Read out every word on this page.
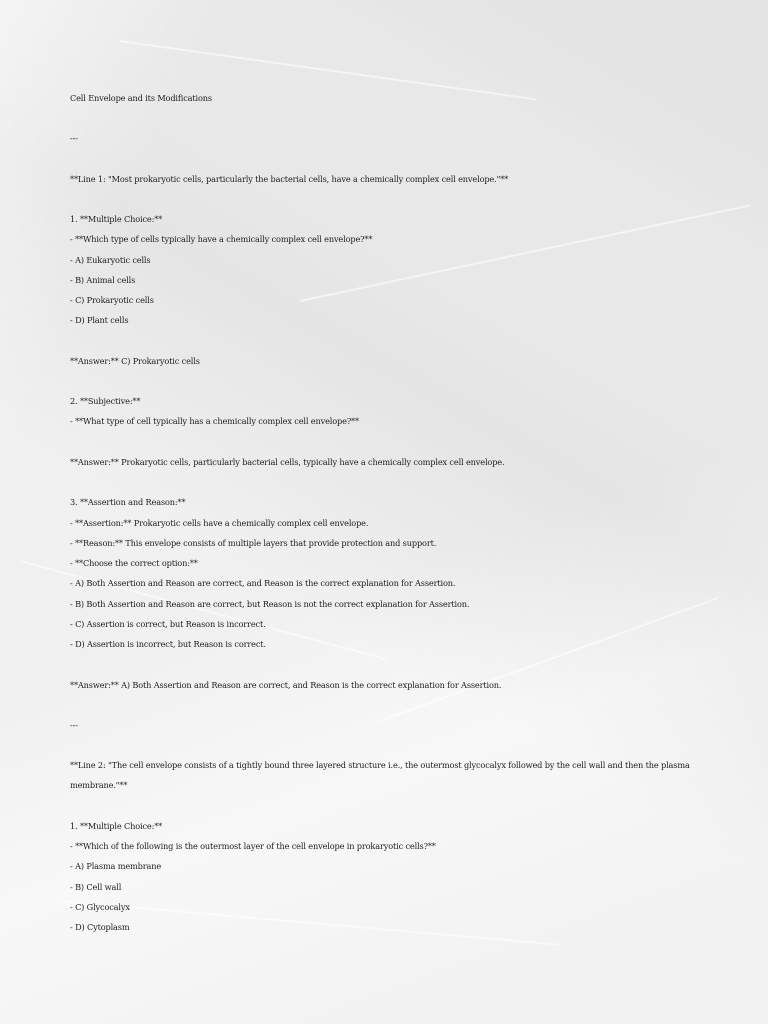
Cell Envelope and its Modifications
---
**Line 1: "Most prokaryotic cells, particularly the bacterial cells, have a chemically complex cell envelope."**
1. **Multiple Choice:**
- **Which type of cells typically have a chemically complex cell envelope?**
- A) Eukaryotic cells
- B) Animal cells
- C) Prokaryotic cells
- D) Plant cells
**Answer:** C) Prokaryotic cells
2. **Subjective:**
- **What type of cell typically has a chemically complex cell envelope?**
**Answer:** Prokaryotic cells, particularly bacterial cells, typically have a chemically complex cell envelope.
3. **Assertion and Reason:**
- **Assertion:** Prokaryotic cells have a chemically complex cell envelope.
- **Reason:** This envelope consists of multiple layers that provide protection and support.
- **Choose the correct option:**
- A) Both Assertion and Reason are correct, and Reason is the correct explanation for Assertion.
- B) Both Assertion and Reason are correct, but Reason is not the correct explanation for Assertion.
- C) Assertion is correct, but Reason is incorrect.
- D) Assertion is incorrect, but Reason is correct.
**Answer:** A) Both Assertion and Reason are correct, and Reason is the correct explanation for Assertion.
---
**Line 2: "The cell envelope consists of a tightly bound three layered structure i.e., the outermost glycocalyx followed by the cell wall and then the plasma membrane."**
1. **Multiple Choice:**
- **Which of the following is the outermost layer of the cell envelope in prokaryotic cells?**
- A) Plasma membrane
- B) Cell wall
- C) Glycocalyx
- D) Cytoplasm
